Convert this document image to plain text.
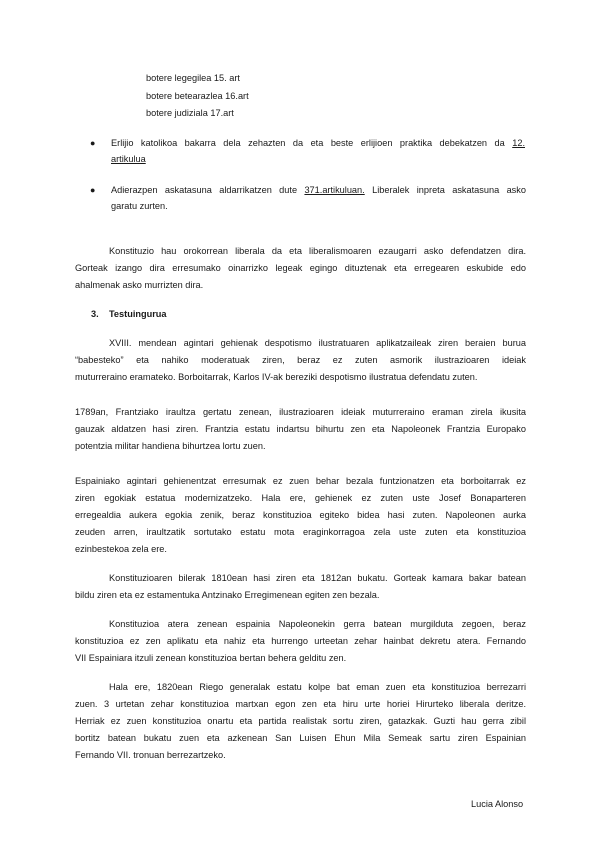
botere legegilea 15. art
botere betearazlea 16.art
botere judiziala 17.art
● Erlijio katolikoa bakarra dela zehazten da eta beste erlijioen praktika debekatzen da 12.
artikulua
● Adierazpen askatasuna aldarrikatzen dute 371.artikuluan. Liberalek inpreta askatasuna asko
garatu zurten.
Konstituzio hau orokorrean liberala da eta liberalismoaren ezaugarri asko defendatzen dira.
Gorteak izango dira erresumako oinarrizko legeak egingo dituztenak eta erregearen eskubide edo
ahalmenak asko murrizten dira.
3. Testuingurua
XVIII. mendean agintari gehienak despotismo ilustratuaren aplikatzaileak ziren beraien burua
“babesteko” eta nahiko moderatuak ziren, beraz ez zuten asmorik ilustrazioaren ideiak
muturreraino eramateko. Borboitarrak, Karlos IV-ak bereziki despotismo ilustratua defendatu zuten.
1789an, Frantziako iraultza gertatu zenean, ilustrazioaren ideiak muturreraino eraman zirela ikusita
gauzak aldatzen hasi ziren. Frantzia estatu indartsu bihurtu zen eta Napoleonek Frantzia Europako
potentzia militar handiena bihurtzea lortu zuen.
Espainiako agintari gehienentzat erresumak ez zuen behar bezala funtzionatzen eta borboitarrak ez
ziren egokiak estatua modernizatzeko. Hala ere, gehienek ez zuten uste Josef Bonaparteren
erregealdia aukera egokia zenik, beraz konstituzioa egiteko bidea hasi zuten. Napoleonen aurka
zeuden arren, iraultzatik sortutako estatu mota eraginkorragoa zela uste zuten eta konstituzioa
ezinbestekoa zela ere.
Konstituzioaren bilerak 1810ean hasi ziren eta 1812an bukatu. Gorteak kamara bakar batean
bildu ziren eta ez estamentuka Antzinako Erregimenean egiten zen bezala.
Konstituzioa atera zenean espainia Napoleonekin gerra batean murgilduta zegoen, beraz
konstituzioa ez zen aplikatu eta nahiz eta hurrengo urteetan zehar hainbat dekretu atera. Fernando
VII Espainiara itzuli zenean konstituzioa bertan behera gelditu zen.
Hala ere, 1820ean Riego generalak estatu kolpe bat eman zuen eta konstituzioa berrezarri
zuen. 3 urtetan zehar konstituzioa martxan egon zen eta hiru urte horiei Hirurteko liberala deritze.
Herriak ez zuen konstituzioa onartu eta partida realistak sortu ziren, gatazkak. Guzti hau gerra zibil
bortitz batean bukatu zuen eta azkenean San Luisen Ehun Mila Semeak sartu ziren Espainian
Fernando VII. tronuan berrezartzeko.
Lucia Alonso
